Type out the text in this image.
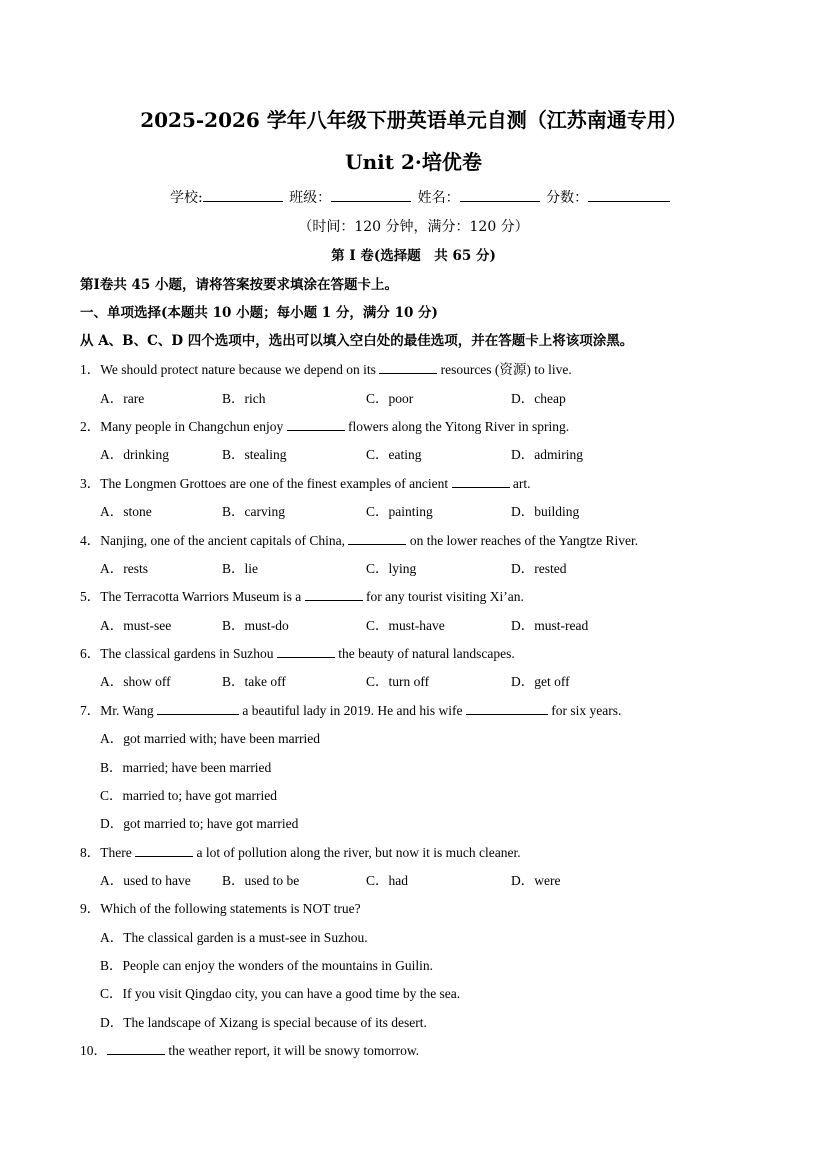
2025-2026 学年八年级下册英语单元自测（江苏南通专用）
Unit 2·培优卷
学校:	班级：	姓名：	分数：
（时间：120 分钟，满分：120 分）
第 I 卷(选择题　共 65 分)
第Ⅰ卷共 45 小题，请将答案按要求填涂在答题卡上。
一、单项选择(本题共 10 小题；每小题 1 分，满分 10 分)
从 A、B、C、D 四个选项中，选出可以填入空白处的最佳选项，并在答题卡上将该项涂黑。
1．We should protect nature because we depend on its	resources (资源) to live.
A．rare	B．rich	C．poor	D．cheap
2．Many people in Changchun enjoy	flowers along the Yitong River in spring.
A．drinking	B．stealing	C．eating	D．admiring
3．The Longmen Grottoes are one of the finest examples of ancient	art.
A．stone	B．carving	C．painting	D．building
4．Nanjing, one of the ancient capitals of China,	on the lower reaches of the Yangtze River.
A．rests	B．lie	C．lying	D．rested
5．The Terracotta Warriors Museum is a	for any tourist visiting Xi’an.
A．must-see	B．must-do	C．must-have	D．must-read
6．The classical gardens in Suzhou	the beauty of natural landscapes.
A．show off	B．take off	C．turn off	D．get off
7．Mr. Wang	a beautiful lady in 2019. He and his wife	for six years.
A．got married with; have been married
B．married; have been married
C．married to; have got married
D．got married to; have got married
8．There	a lot of pollution along the river, but now it is much cleaner.
A．used to have B．used to be	C．had	D．were
9．Which of the following statements is NOT true?
A．The classical garden is a must-see in Suzhou.
B．People can enjoy the wonders of the mountains in Guilin.
C．If you visit Qingdao city, you can have a good time by the sea.
D．The landscape of Xizang is special because of its desert.
10．	the weather report, it will be snowy tomorrow.
